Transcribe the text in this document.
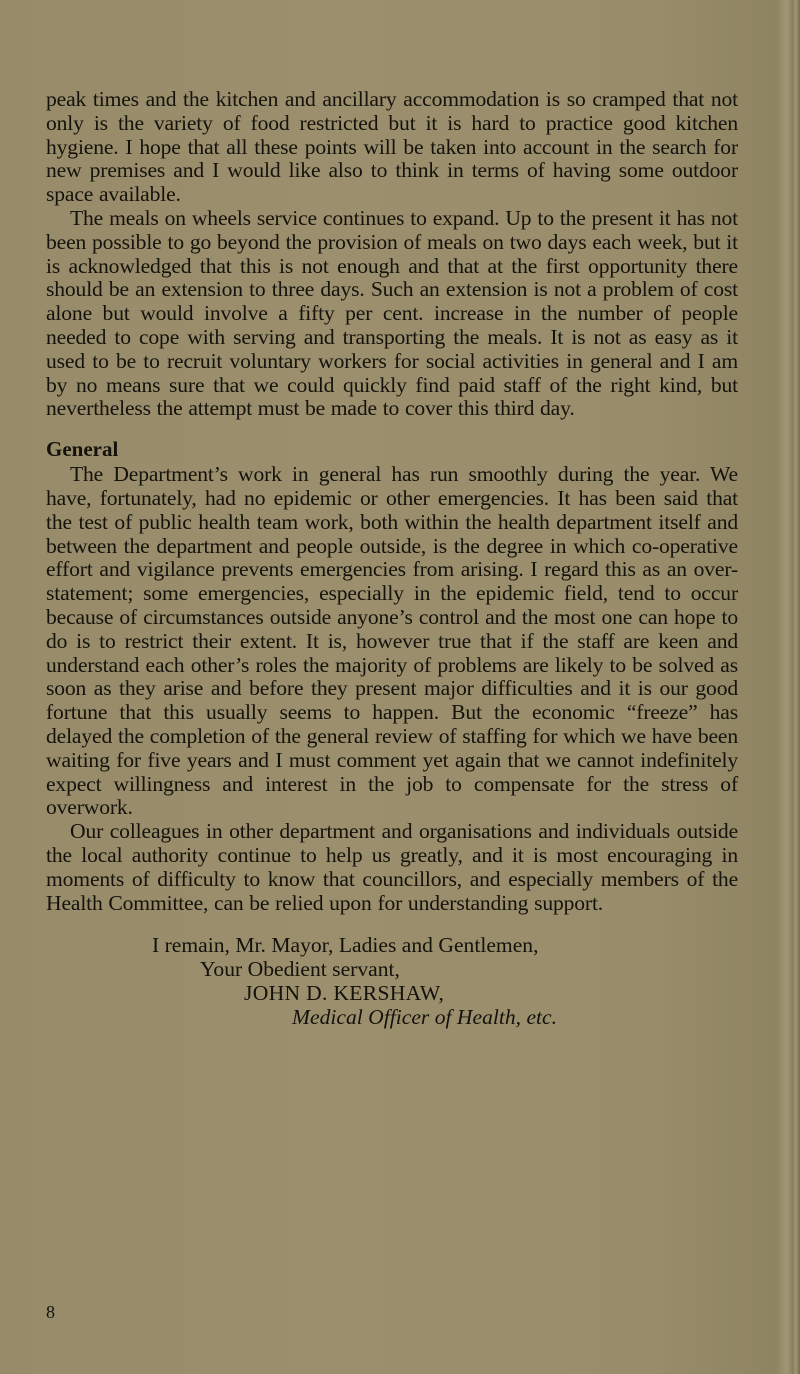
peak times and the kitchen and ancillary accommodation is so cramped that not only is the variety of food restricted but it is hard to practice good kitchen hygiene. I hope that all these points will be taken into account in the search for new premises and I would like also to think in terms of having some outdoor space available.

The meals on wheels service continues to expand. Up to the present it has not been possible to go beyond the provision of meals on two days each week, but it is acknowledged that this is not enough and that at the first opportunity there should be an extension to three days. Such an extension is not a problem of cost alone but would involve a fifty per cent. increase in the number of people needed to cope with serving and transporting the meals. It is not as easy as it used to be to recruit voluntary workers for social activities in general and I am by no means sure that we could quickly find paid staff of the right kind, but nevertheless the attempt must be made to cover this third day.

General

The Department’s work in general has run smoothly during the year. We have, fortunately, had no epidemic or other emergencies. It has been said that the test of public health team work, both within the health department itself and between the department and people outside, is the degree in which co-operative effort and vigilance prevents emergencies from arising. I regard this as an over-statement; some emergencies, especially in the epidemic field, tend to occur because of circumstances outside anyone’s control and the most one can hope to do is to restrict their extent. It is, however true that if the staff are keen and understand each other’s roles the majority of problems are likely to be solved as soon as they arise and before they present major difficulties and it is our good fortune that this usually seems to happen. But the economic “freeze” has delayed the completion of the general review of staffing for which we have been waiting for five years and I must comment yet again that we cannot indefinitely expect willingness and interest in the job to compensate for the stress of overwork.

Our colleagues in other department and organisations and individuals outside the local authority continue to help us greatly, and it is most encouraging in moments of difficulty to know that councillors, and especially members of the Health Committee, can be relied upon for understanding support.

I remain, Mr. Mayor, Ladies and Gentlemen,

Your Obedient servant,

JOHN D. KERSHAW,

Medical Officer of Health, etc.

8
